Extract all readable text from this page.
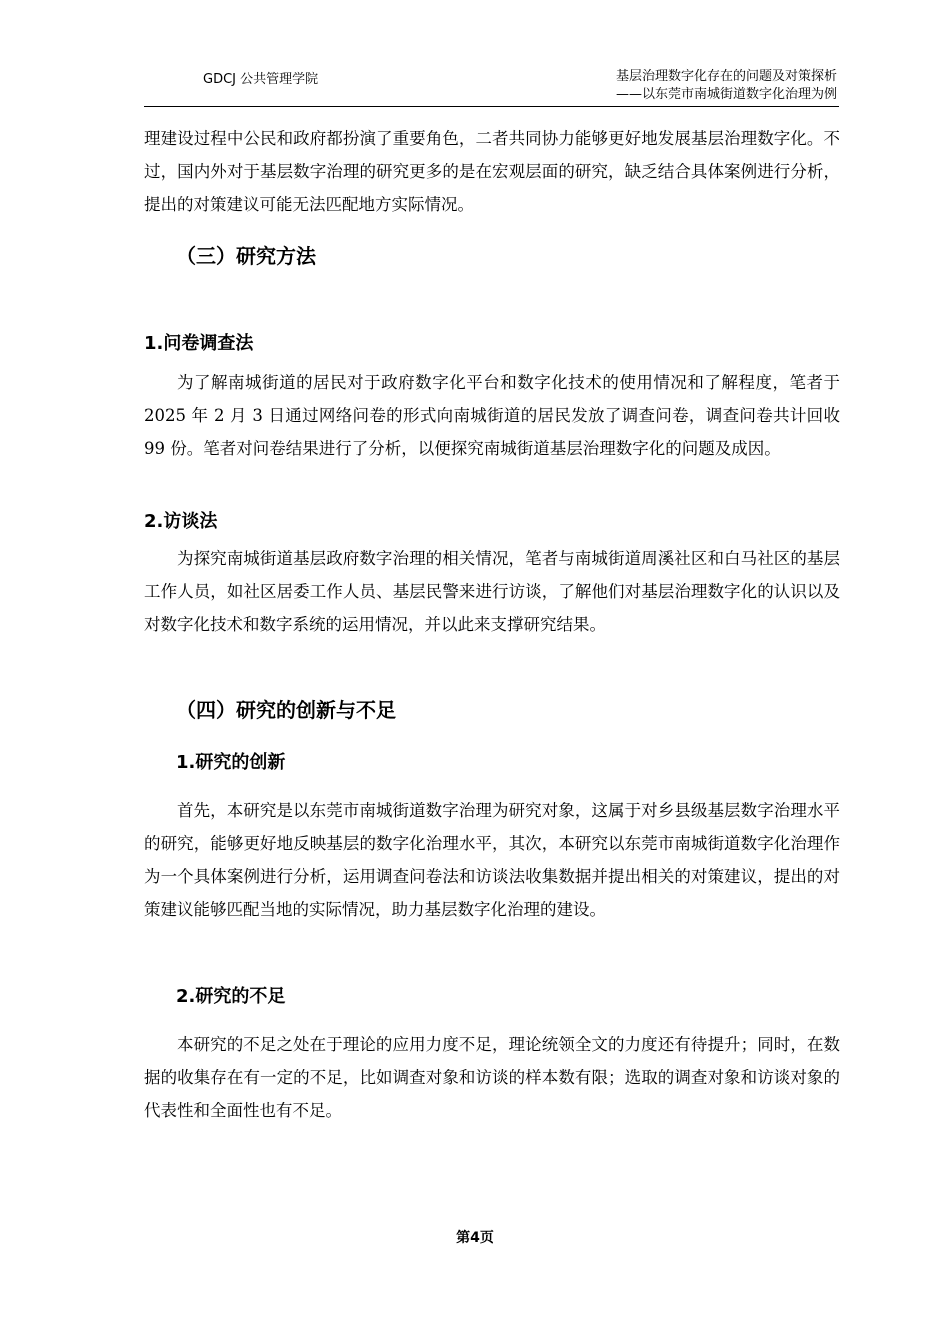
GDCJ 公共管理学院	基层治理数字化存在的问题及对策探析
——以东莞市南城街道数字化治理为例
理建设过程中公民和政府都扮演了重要角色，二者共同协力能够更好地发展基层治理数字化。不过，国内外对于基层数字治理的研究更多的是在宏观层面的研究，缺乏结合具体案例进行分析，提出的对策建议可能无法匹配地方实际情况。
（三）研究方法
1.问卷调查法
为了解南城街道的居民对于政府数字化平台和数字化技术的使用情况和了解程度，笔者于 2025 年 2 月 3 日通过网络问卷的形式向南城街道的居民发放了调查问卷，调查问卷共计回收 99 份。笔者对问卷结果进行了分析，以便探究南城街道基层治理数字化的问题及成因。
2.访谈法
为探究南城街道基层政府数字治理的相关情况，笔者与南城街道周溪社区和白马社区的基层工作人员，如社区居委工作人员、基层民警来进行访谈，了解他们对基层治理数字化的认识以及对数字化技术和数字系统的运用情况，并以此来支撑研究结果。
（四）研究的创新与不足
1.研究的创新
首先，本研究是以东莞市南城街道数字治理为研究对象，这属于对乡县级基层数字治理水平的研究，能够更好地反映基层的数字化治理水平，其次，本研究以东莞市南城街道数字化治理作为一个具体案例进行分析，运用调查问卷法和访谈法收集数据并提出相关的对策建议，提出的对策建议能够匹配当地的实际情况，助力基层数字化治理的建设。
2.研究的不足
本研究的不足之处在于理论的应用力度不足，理论统领全文的力度还有待提升；同时，在数据的收集存在有一定的不足，比如调查对象和访谈的样本数有限；选取的调查对象和访谈对象的代表性和全面性也有不足。
第4页
